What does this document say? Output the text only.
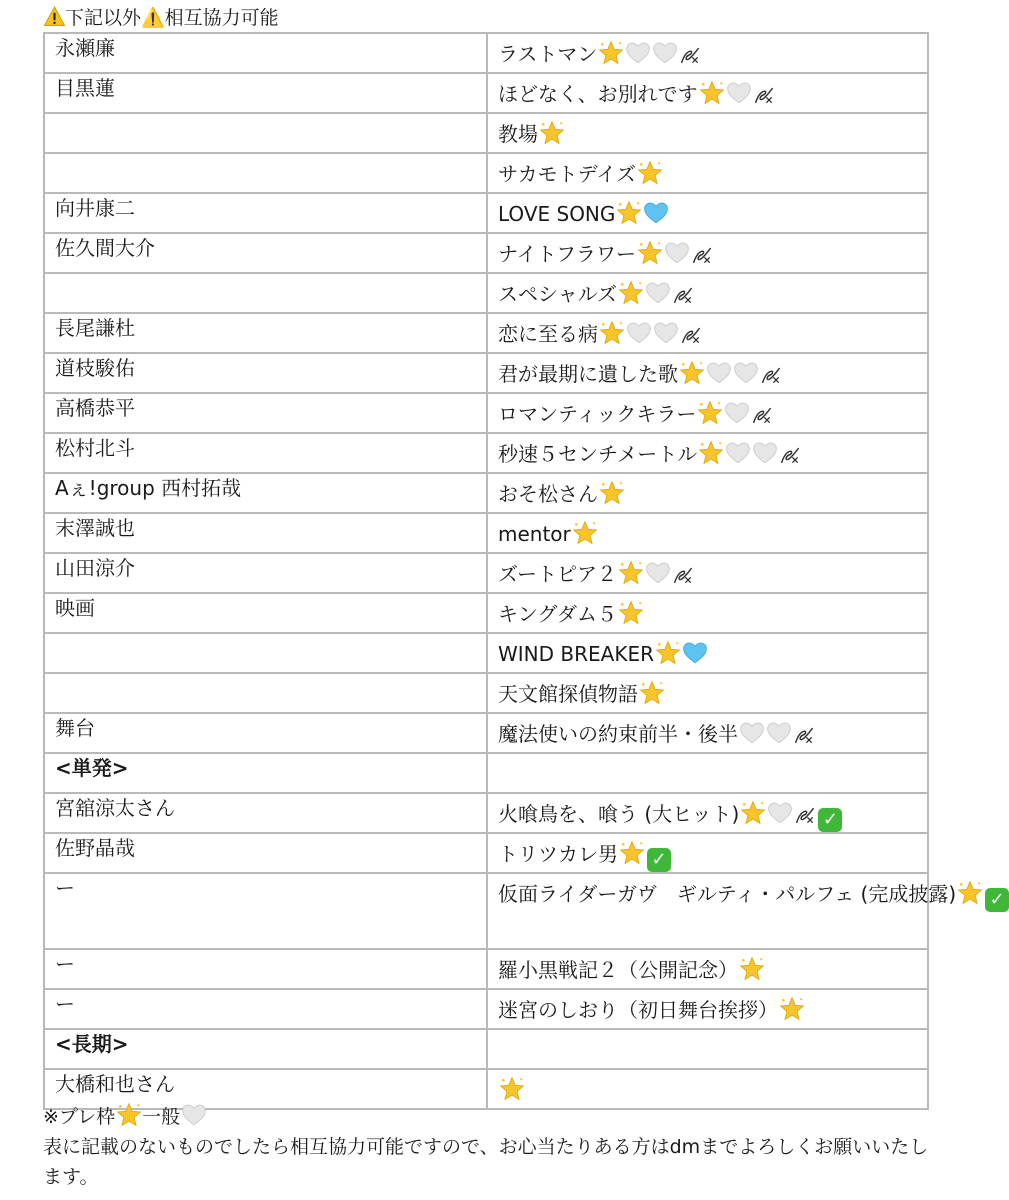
下記以外⚠️相互協力可能
永瀬廉	ラストマン

目黒蓮	ほどなく、お別れです

	教場

	サカモトデイズ

向井康二	LOVE SONG

佐久間大介	ナイトフラワー

	スペシャルズ

長尾謙杜	恋に至る病

道枝駿佑	君が最期に遺した歌

高橋恭平	ロマンティックキラー

松村北斗	秒速５センチメートル

Aぇ!group 西村拓哉	おそ松さん

末澤誠也	mentor

山田涼介	ズートピア２

映画	キングダム５

	WIND BREAKER

	天文館探偵物語

舞台	魔法使いの約束前半・後半

<単発>	
宮舘涼太さん	火喰鳥を、喰う (大ヒット) ✓
佐野晶哉	トリツカレ男 ✓
ー	仮面ライダーガヴ　ギルティ・パルフェ (完成披露) ✓
ー	羅小黒戦記２（公開記念）

ー	迷宮のしおり（初日舞台挨拶）

<長期>	
大橋和也さん	

※プレ枠 一般

表に記載のないものでしたら相互協力可能ですので、お心当たりある方はdmまでよろしくお願いいたします。
